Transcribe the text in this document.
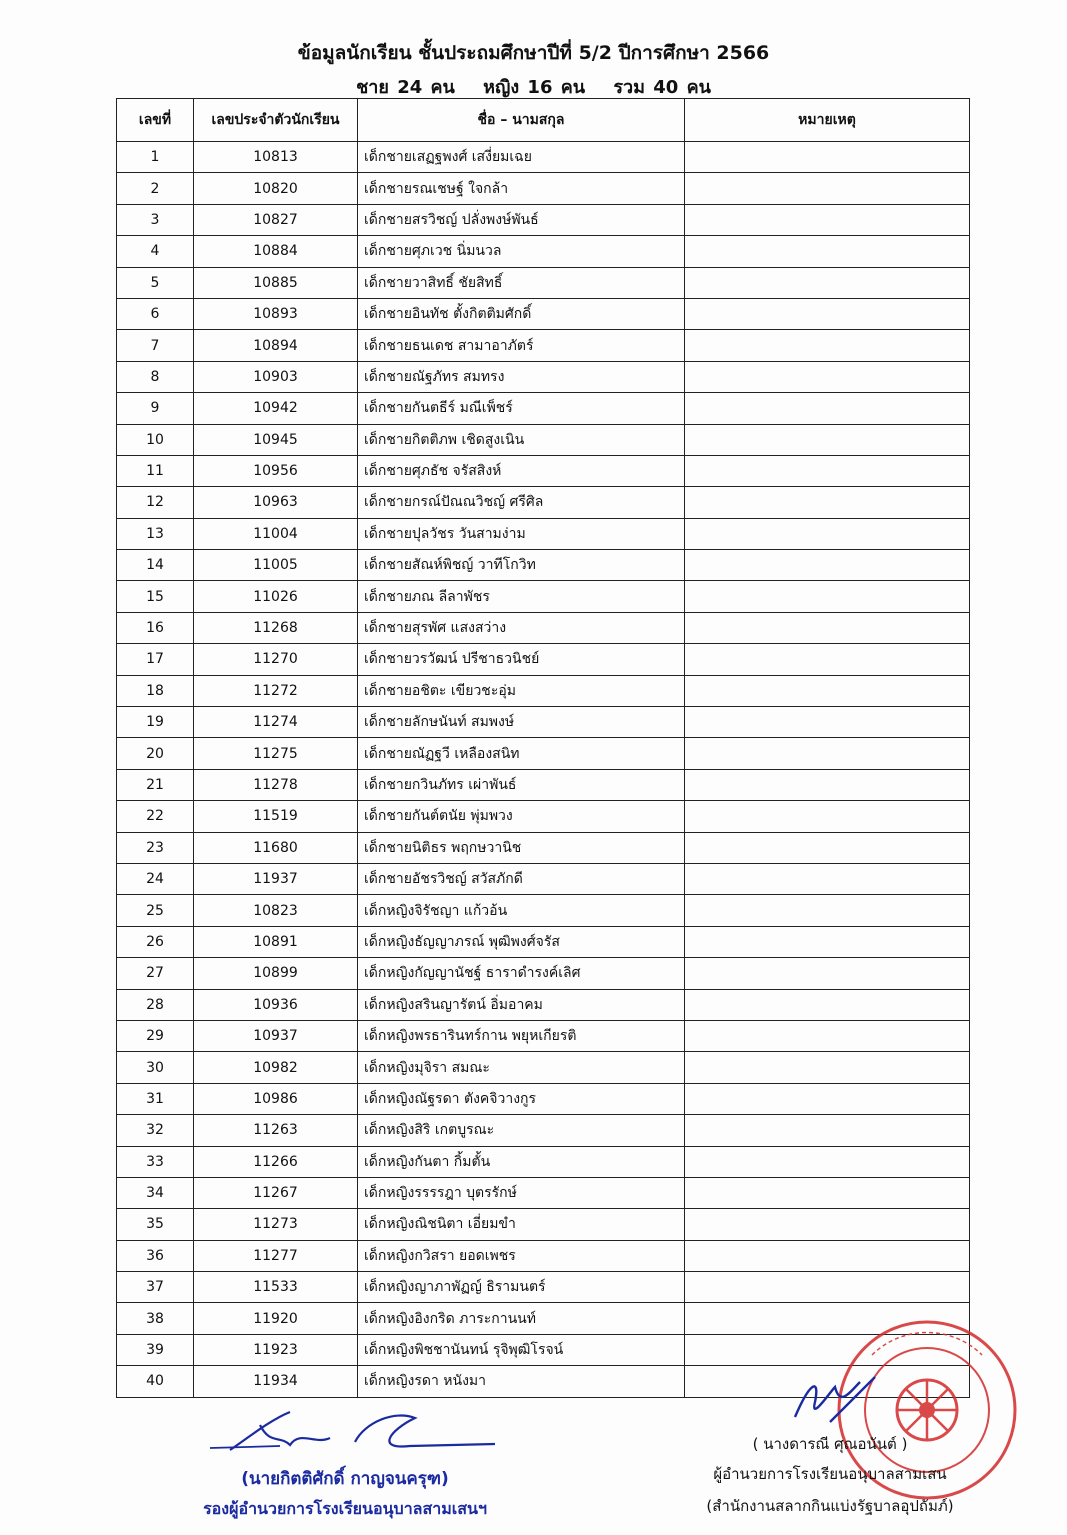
ข้อมูลนักเรียน ชั้นประถมศึกษาปีที่ 5/2 ปีการศึกษา 2566
ชาย 24 คน หญิง 16 คน รวม 40 คน
เลขที่	เลขประจำตัวนักเรียน	ชื่อ – นามสกุล	หมายเหตุ
1	10813	เด็กชายเสฏฐพงศ์ เสงี่ยมเฉย	
2	10820	เด็กชายรณเชษฐ์ ใจกล้า	
3	10827	เด็กชายสรวิชญ์ ปลั่งพงษ์พันธ์	
4	10884	เด็กชายศุภเวช นิ่มนวล	
5	10885	เด็กชายวาสิทธิ์ ชัยสิทธิ์	
6	10893	เด็กชายอินทัช ตั้งกิตติมศักดิ์	
7	10894	เด็กชายธนเดช สามาอาภัตร์	
8	10903	เด็กชายณัฐภัทร สมทรง	
9	10942	เด็กชายกันตธีร์ มณีเพ็ชร์	
10	10945	เด็กชายกิตติภพ เชิดสูงเนิน	
11	10956	เด็กชายศุภธัช จรัสสิงห์	
12	10963	เด็กชายกรณ์ปัณณวิชญ์ ศรีศิล	
13	11004	เด็กชายปุลวัชร วันสามง่าม	
14	11005	เด็กชายสัณห์พิชญ์ วาทีโกวิท	
15	11026	เด็กชายภณ ลีลาพัชร	
16	11268	เด็กชายสุรพัศ แสงสว่าง	
17	11270	เด็กชายวรวัฒน์ ปรีชาธวนิชย์	
18	11272	เด็กชายอชิตะ เขียวชะอุ่ม	
19	11274	เด็กชายลักษนันท์ สมพงษ์	
20	11275	เด็กชายณัฏฐวี เหลืองสนิท	
21	11278	เด็กชายกวินภัทร เผ่าพันธ์	
22	11519	เด็กชายกันต์ตนัย พุ่มพวง	
23	11680	เด็กชายนิติธร พฤกษวานิช	
24	11937	เด็กชายอัชรวิชญ์ สวัสภักดี	
25	10823	เด็กหญิงจิรัชญา แก้วอ้น	
26	10891	เด็กหญิงธัญญาภรณ์ พุฒิพงศ์จรัส	
27	10899	เด็กหญิงกัญญานัชฐ์ ธาราดำรงค์เลิศ	
28	10936	เด็กหญิงสรินญารัตน์ อิ่มอาคม	
29	10937	เด็กหญิงพรธารินทร์กาน พยุหเกียรติ	
30	10982	เด็กหญิงมุจิรา สมณะ	
31	10986	เด็กหญิงณัฐรดา ตังคจิวางกูร	
32	11263	เด็กหญิงสิริ เกตบูรณะ	
33	11266	เด็กหญิงกันตา กิ้มตั้น	
34	11267	เด็กหญิงรรรรฎา บุตรรักษ์	
35	11273	เด็กหญิงณิชนิตา เอี่ยมขำ	
36	11277	เด็กหญิงกวิสรา ยอดเพชร	
37	11533	เด็กหญิงญาภาพัฏญ์ ธิรามนตร์	
38	11920	เด็กหญิงอิงกริด ภาระกานนท์	
39	11923	เด็กหญิงพิชชานันทน์ รุจิพุฒิโรจน์	
40	11934	เด็กหญิงรดา หนังมา	
(นายกิตติศักดิ์ กาญจนครุฑ)
รองผู้อำนวยการโรงเรียนอนุบาลสามเสนฯ
( นางดารณี ศุณอนันต์ )
ผู้อำนวยการโรงเรียนอนุบาลสามเสน
(สำนักงานสลากกินแบ่งรัฐบาลอุปถัมภ์)
